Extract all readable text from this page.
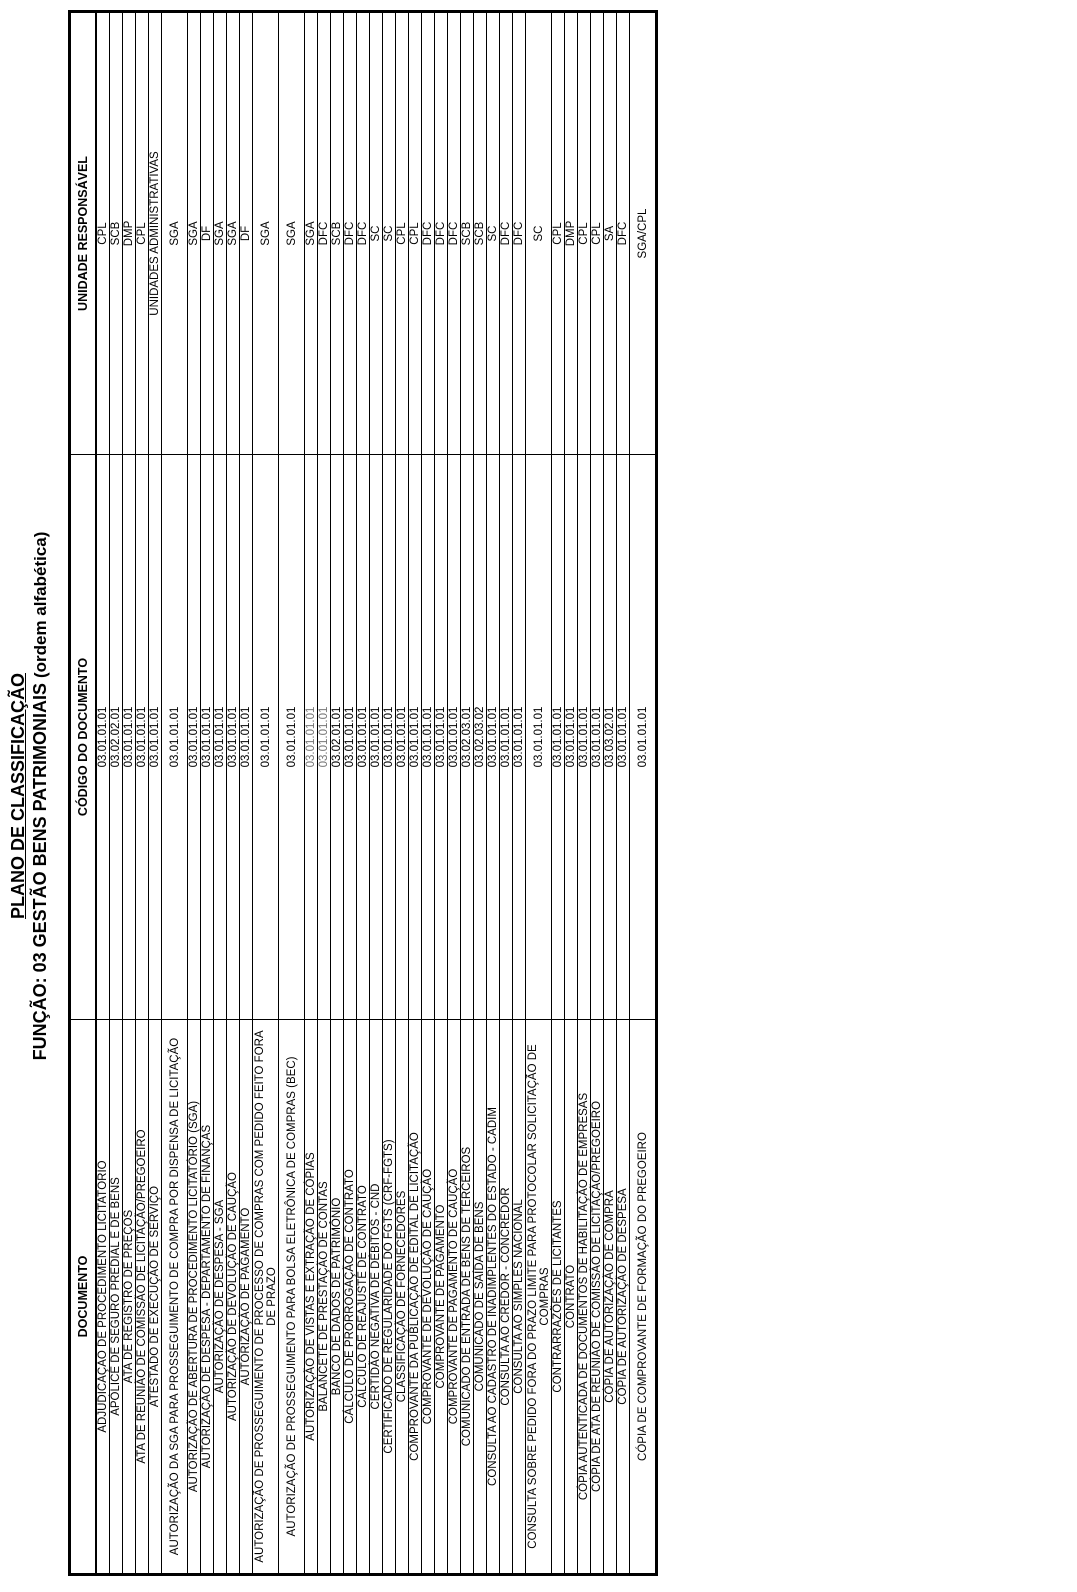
PLANO DE CLASSIFICAÇÃO FUNÇÃO: 03 GESTÃO BENS PATRIMONIAIS (ordem alfabética)
DOCUMENTO	CÓDIGO DO DOCUMENTO	UNIDADE RESPONSÁVEL
ADJUDICAÇÃO DE PROCEDIMENTO LICITATÓRIO	03.01.01.01	CPL
APÓLICE DE SEGURO PREDIAL E DE BENS	03.02.02.01	SCB
ATA DE REGISTRO DE PREÇOS	03.01.01.01	DMP
ATA DE REUNIÃO DE COMISSÃO DE LICITAÇÃO/PREGOEIRO	03.01.01.01	CPL
ATESTADO DE EXECUÇÃO DE SERVIÇO	03.01.01.01	UNIDADES ADMINISTRATIVAS
AUTORIZAÇÃO DA SGA PARA PROSSEGUIMENTO DE COMPRA POR DISPENSA DE LICITAÇÃO	03.01.01.01	SGA
AUTORIZAÇÃO DE ABERTURA DE PROCEDIMENTO LICITATÓRIO (SGA)	03.01.01.01	SGA
AUTORIZAÇÃO DE DESPESA - DEPARTAMENTO DE FINANÇAS	03.01.01.01	DF
AUTORIZAÇÃO DE DESPESA - SGA	03.01.01.01	SGA
AUTORIZAÇÃO DE DEVOLUÇÃO DE CAUÇÃO	03.01.01.01	SGA
AUTORIZAÇÃO DE PAGAMENTO	03.01.01.01	DF
AUTORIZAÇÃO DE PROSSEGUIMENTO DE PROCESSO DE COMPRAS COM PEDIDO FEITO FORA DE PRAZO	03.01.01.01	SGA
AUTORIZAÇÃO DE PROSSEGUIMENTO PARA BOLSA ELETRÔNICA DE COMPRAS (BEC)	03.01.01.01	SGA
AUTORIZAÇÃO DE VISTAS E EXTRAÇÃO DE CÓPIAS	03.01.01.01	SGA
BALANCETE DE PRESTAÇÃO DE CONTAS	03.01.01.01	DFC
BANCO DE DADOS DE PATRIMÔNIO	03.02.01.01	SCB
CÁLCULO DE PRORROGAÇÃO DE CONTRATO	03.01.01.01	DFC
CÁLCULO DE REAJUSTE DE CONTRATO	03.01.01.01	DFC
CERTIDÃO NEGATIVA DE DÉBITOS - CND	03.01.01.01	SC
CERTIFICADO DE REGULARIDADE DO FGTS (CRF-FGTS)	03.01.01.01	SC
CLASSIFICAÇÃO DE FORNECEDORES	03.01.01.01	CPL
COMPROVANTE DA PUBLICAÇÃO DE EDITAL DE LICITAÇÃO	03.01.01.01	CPL
COMPROVANTE DE DEVOLUÇÃO DE CAUÇÃO	03.01.01.01	DFC
COMPROVANTE DE PAGAMENTO	03.01.01.01	DFC
COMPROVANTE DE PAGAMENTO DE CAUÇÃO	03.01.01.01	DFC
COMUNICADO DE ENTRADA DE BENS DE TERCEIROS	03.02.03.01	SCB
COMUNICADO DE SAÍDA DE BENS	03.02.03.02	SCB
CONSULTA AO CADASTRO DE INADIMPLENTES DO ESTADO - CADIM	03.01.01.01	SC
CONSULTA AO CREDOR - CONCREDOR	03.01.01.01	DFC
CONSULTA AO SIMPLES NACIONAL	03.01.01.01	DFC
CONSULTA SOBRE PEDIDO FORA DO PRAZO LIMITE PARA PROTOCOLAR SOLICITAÇÃO DE COMPRAS	03.01.01.01	SC
CONTRARRAZÕES DE LICITANTES	03.01.01.01	CPL
CONTRATO	03.01.01.01	DMP
CÓPIA AUTENTICADA DE DOCUMENTOS DE HABILITAÇÃO DE EMPRESAS	03.01.01.01	CPL
CÓPIA DE ATA DE REUNIÃO DE COMISSÃO DE LICITAÇÃO/PREGOEIRO	03.01.01.01	CPL
CÓPIA DE AUTORIZAÇÃO DE COMPRA	03.03.02.01	SA
CÓPIA DE AUTORIZAÇÃO DE DESPESA	03.01.01.01	DFC
CÓPIA DE COMPROVANTE DE FORMAÇÃO DO PREGOEIRO	03.01.01.01	SGA/CPL
